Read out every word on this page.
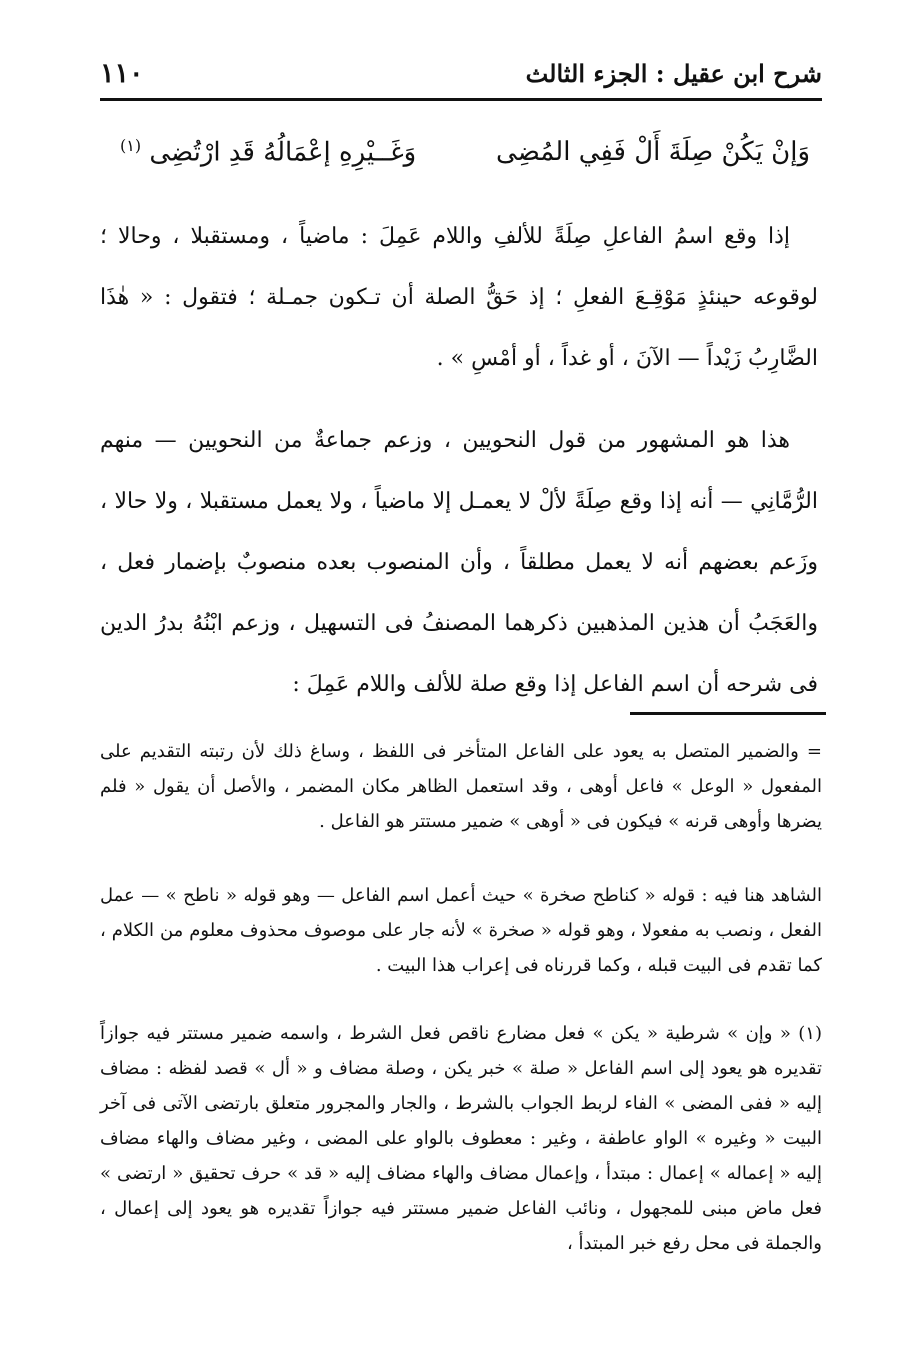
شرح ابن عقيل : الجزء الثالث
١١٠
وَإنْ يَكُنْ صِلَةَ أَلْ فَفِي المُضِى
وَغَــيْرِهِ إعْمَالُهُ قَدِ ارْتُضِى $^{(١)}$

إذا وقع اسمُ الفاعلِ صِلَةً للألفِ واللام عَمِلَ : ماضياً ، ومستقبلا ، وحالا ؛ لوقوعه حينئذٍ مَوْقِـعَ الفعلِ ؛ إذ حَقُّ الصلة أن تـكون جمـلة ؛ فتقول : « هٰذَا الضَّارِبُ زَيْداً — الآنَ ، أو غداً ، أو أمْسِ » .

هذا هو المشهور من قول النحويين ، وزعم جماعةٌ من النحويين — منهم الرُّمَّانِي — أنه إذا وقع صِلَةً لألْ لا يعمـل إلا ماضياً ، ولا يعمل مستقبلا ، ولا حالا ، وزَعم بعضهم أنه لا يعمل مطلقاً ، وأن المنصوب بعده منصوبٌ بإضمار فعل ، والعَجَبُ أن هذين المذهبين ذكرهما المصنفُ فى التسهيل ، وزعم ابْنُهُ بدرُ الدين فى شرحه أن اسم الفاعل إذا وقع صلة للألف واللام عَمِلَ :

= والضمير المتصل به يعود على الفاعل المتأخر فى اللفظ ، وساغ ذلك لأن رتبته التقديم على المفعول « الوعل » فاعل أوهى ، وقد استعمل الظاهر مكان المضمر ، والأصل أن يقول « فلم يضرها وأوهى قرنه » فيكون فى « أوهى » ضمير مستتر هو الفاعل .

الشاهد هنا فيه : قوله « كناطح صخرة » حيث أعمل اسم الفاعل — وهو قوله « ناطح » — عمل الفعل ، ونصب به مفعولا ، وهو قوله « صخرة » لأنه جار على موصوف محذوف معلوم من الكلام ، كما تقدم فى البيت قبله ، وكما قررناه فى إعراب هذا البيت .

(١) « وإن » شرطية « يكن » فعل مضارع ناقص فعل الشرط ، واسمه ضمير مستتر فيه جوازاً تقديره هو يعود إلى اسم الفاعل « صلة » خبر يكن ، وصلة مضاف و « أل » قصد لفظه : مضاف إليه « ففى المضى » الفاء لربط الجواب بالشرط ، والجار والمجرور متعلق بارتضى الآتى فى آخر البيت « وغيره » الواو عاطفة ، وغير : معطوف بالواو على المضى ، وغير مضاف والهاء مضاف إليه « إعماله » إعمال : مبتدأ ، وإعمال مضاف والهاء مضاف إليه « قد » حرف تحقيق « ارتضى » فعل ماض مبنى للمجهول ، ونائب الفاعل ضمير مستتر فيه جوازاً تقديره هو يعود إلى إعمال ، والجملة فى محل رفع خبر المبتدأ ،
